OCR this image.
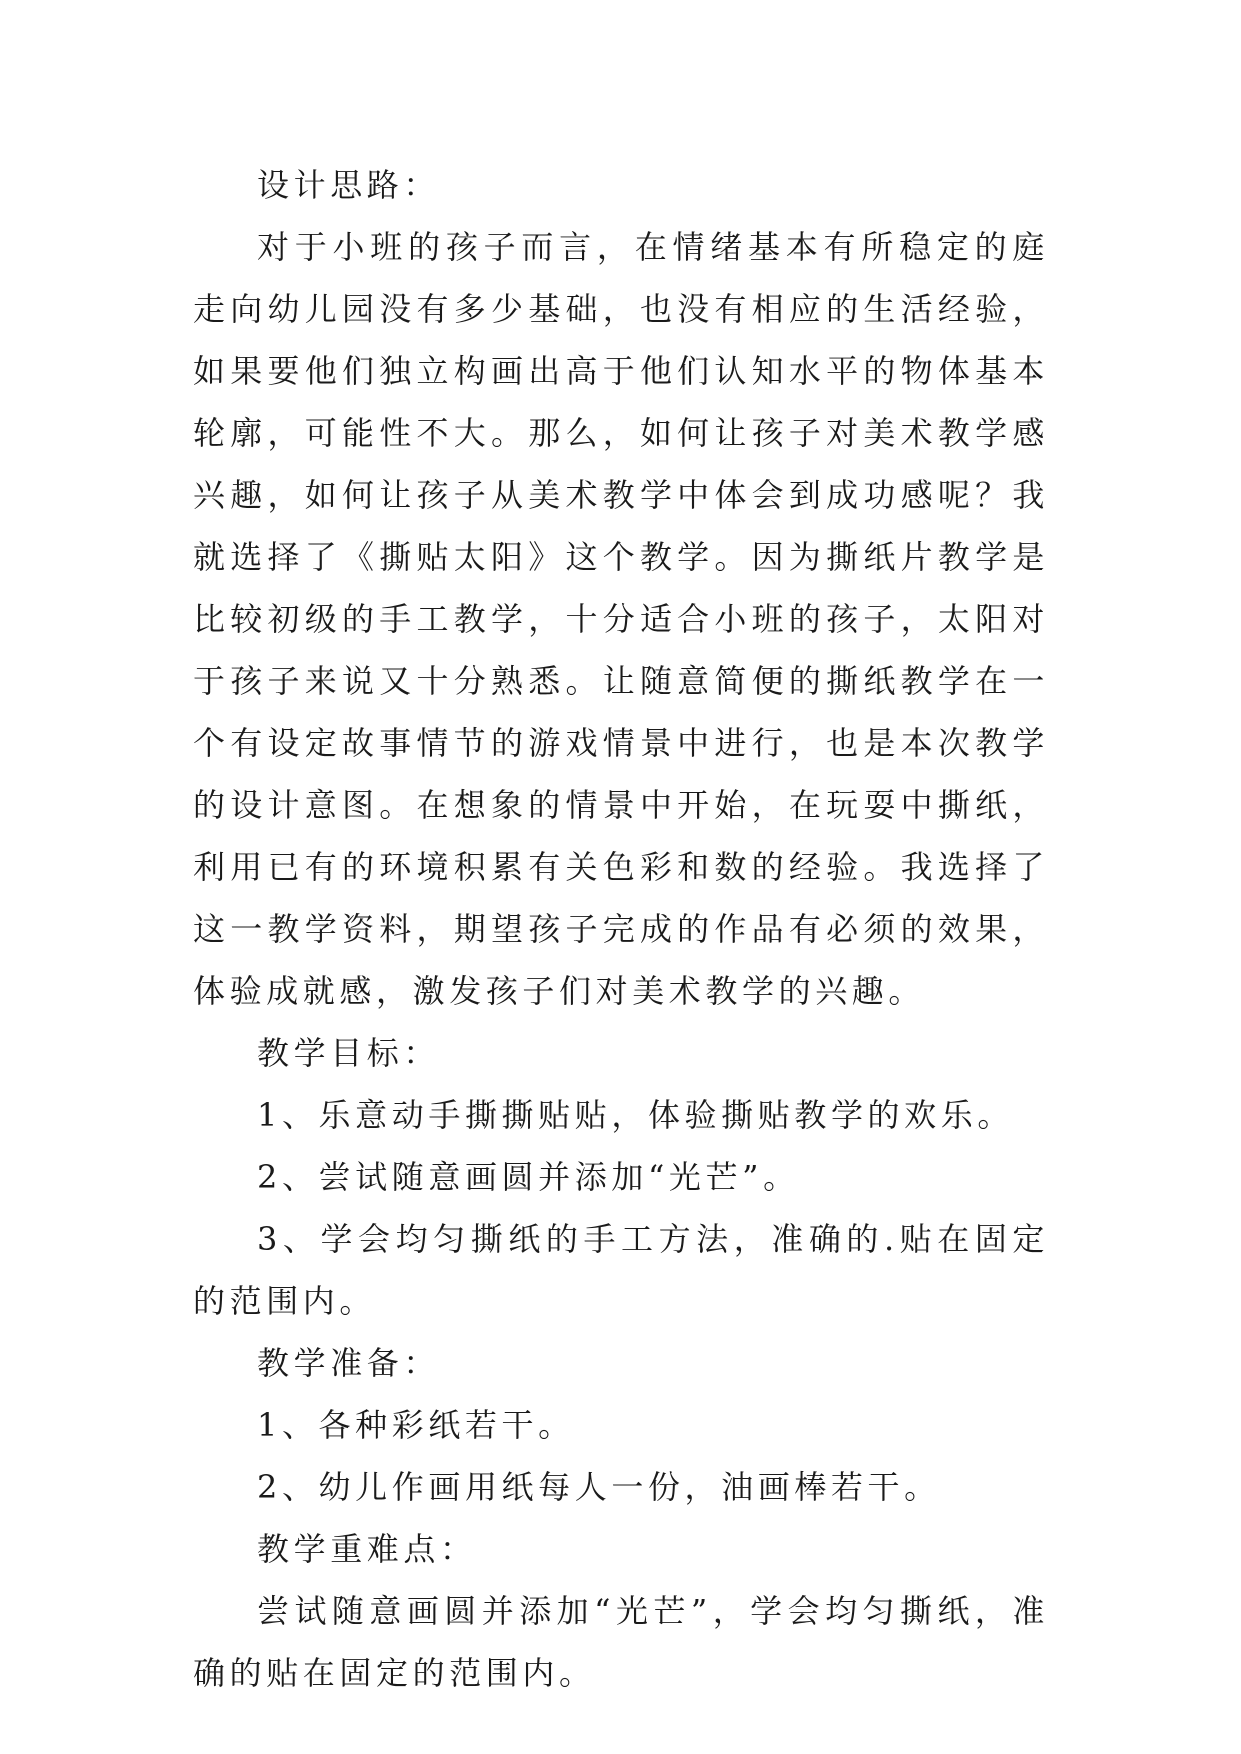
设计思路：

对于小班的孩子而言，在情绪基本有所稳定的庭走向幼儿园没有多少基础，也没有相应的生活经验，如果要他们独立构画出高于他们认知水平的物体基本轮廓，可能性不大。那么，如何让孩子对美术教学感兴趣，如何让孩子从美术教学中体会到成功感呢？我就选择了《撕贴太阳》这个教学。因为撕纸片教学是比较初级的手工教学，十分适合小班的孩子，太阳对于孩子来说又十分熟悉。让随意简便的撕纸教学在一个有设定故事情节的游戏情景中进行，也是本次教学的设计意图。在想象的情景中开始，在玩耍中撕纸，利用已有的环境积累有关色彩和数的经验。我选择了这一教学资料，期望孩子完成的作品有必须的效果，体验成就感，激发孩子们对美术教学的兴趣。

教学目标：

1、乐意动手撕撕贴贴，体验撕贴教学的欢乐。

2、尝试随意画圆并添加“光芒”。

3、学会均匀撕纸的手工方法，准确的.贴在固定的范围内。

教学准备：

1、各种彩纸若干。

2、幼儿作画用纸每人一份，油画棒若干。

教学重难点：

尝试随意画圆并添加“光芒”，学会均匀撕纸，准确的贴在固定的范围内。
